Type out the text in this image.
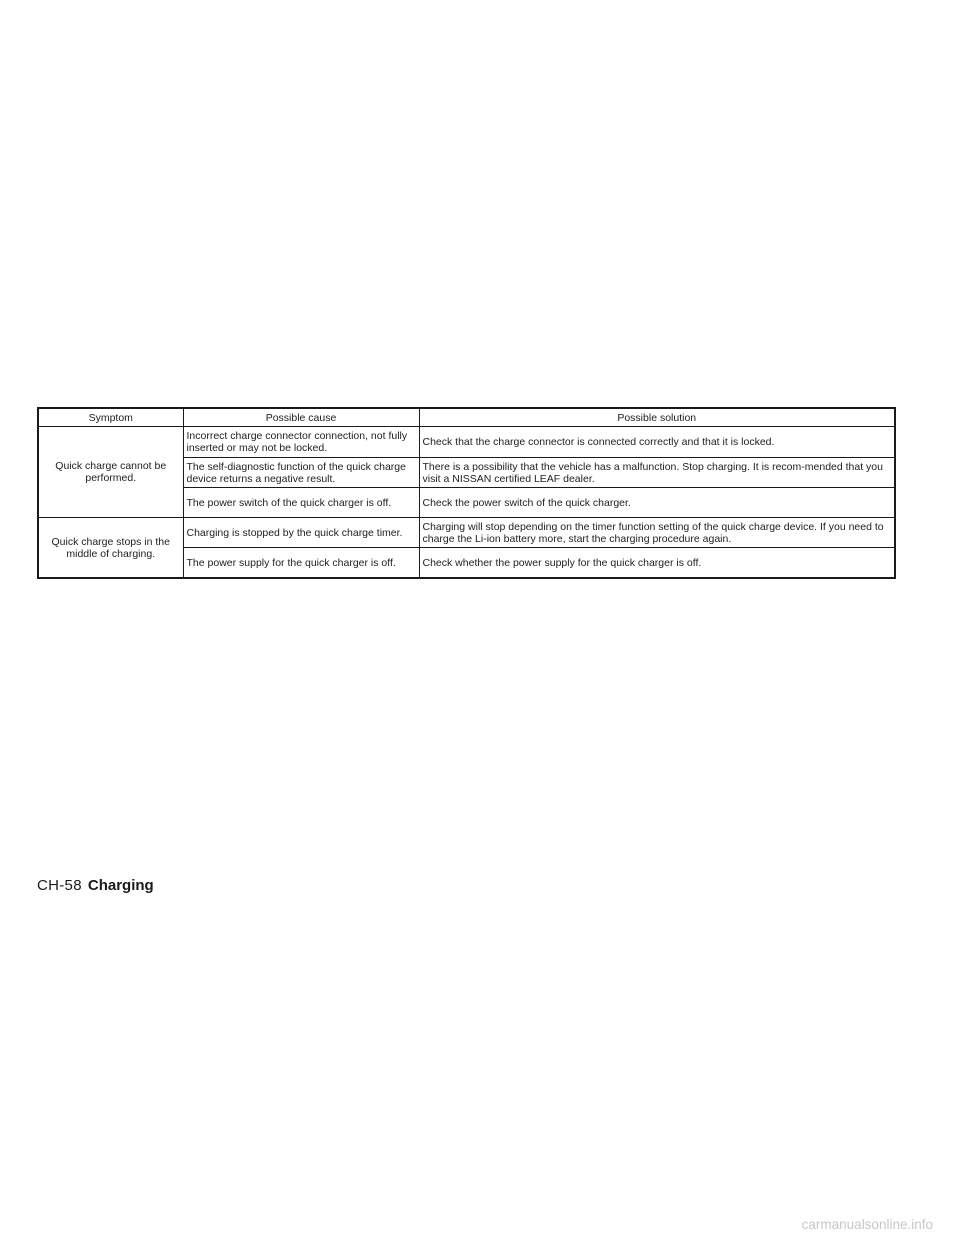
Symptom	Possible cause	Possible solution
Quick charge cannot be performed.	Incorrect charge connector connection, not fully inserted or may not be locked.	Check that the charge connector is connected correctly and that it is locked.
	The self-diagnostic function of the quick charge device returns a negative result.	There is a possibility that the vehicle has a malfunction. Stop charging. It is recom-mended that you visit a NISSAN certified LEAF dealer.
	The power switch of the quick charger is off.	Check the power switch of the quick charger.
Quick charge stops in the middle of charging.	Charging is stopped by the quick charge timer.	Charging will stop depending on the timer function setting of the quick charge device. If you need to charge the Li-ion battery more, start the charging procedure again.
	The power supply for the quick charger is off.	Check whether the power supply for the quick charger is off.
CH-58 Charging
carmanualsonline.info
